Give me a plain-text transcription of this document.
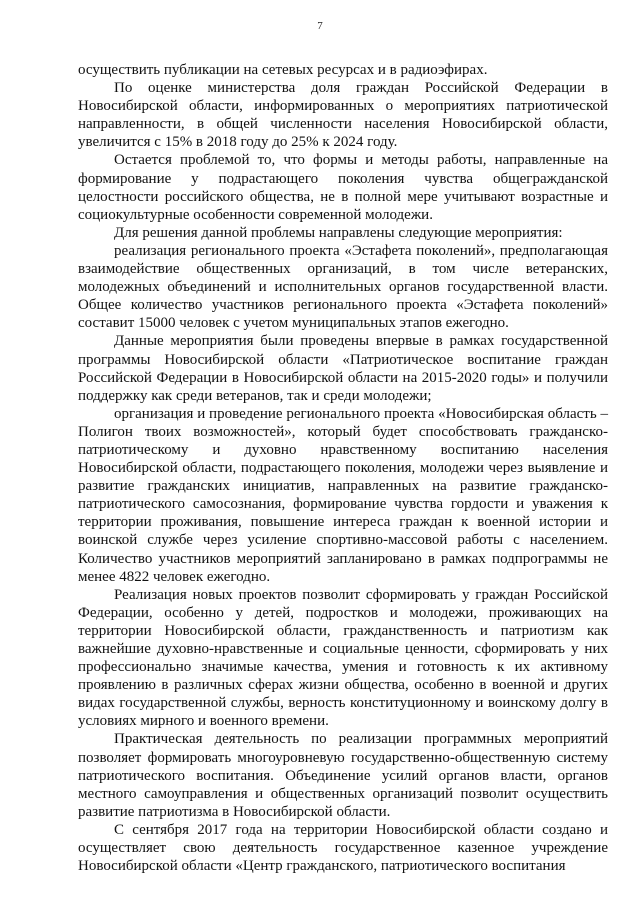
7

осуществить публикации на сетевых ресурсах и в радиоэфирах.

По оценке министерства доля граждан Российской Федерации в Новосибирской области, информированных о мероприятиях патриотической направленности, в общей численности населения Новосибирской области, увеличится с 15% в 2018 году до 25% к 2024 году.

Остается проблемой то, что формы и методы работы, направленные на формирование у подрастающего поколения чувства общегражданской целостности российского общества, не в полной мере учитывают возрастные и социокультурные особенности современной молодежи.

Для решения данной проблемы направлены следующие мероприятия:

реализация регионального проекта «Эстафета поколений», предполагающая взаимодействие общественных организаций, в том числе ветеранских, молодежных объединений и исполнительных органов государственной власти. Общее количество участников регионального проекта «Эстафета поколений» составит 15000 человек с учетом муниципальных этапов ежегодно.

Данные мероприятия были проведены впервые в рамках государственной программы Новосибирской области «Патриотическое воспитание граждан Российской Федерации в Новосибирской области на 2015-2020 годы» и получили поддержку как среди ветеранов, так и среди молодежи;

организация и проведение регионального проекта «Новосибирская область – Полигон твоих возможностей», который будет способствовать гражданско-патриотическому и духовно нравственному воспитанию населения Новосибирской области, подрастающего поколения, молодежи через выявление и развитие гражданских инициатив, направленных на развитие гражданско-патриотического самосознания, формирование чувства гордости и уважения к территории проживания, повышение интереса граждан к военной истории и воинской службе через усиление спортивно-массовой работы с населением. Количество участников мероприятий запланировано в рамках подпрограммы не менее 4822 человек ежегодно.

Реализация новых проектов позволит сформировать у граждан Российской Федерации, особенно у детей, подростков и молодежи, проживающих на территории Новосибирской области, гражданственность и патриотизм как важнейшие духовно-нравственные и социальные ценности, сформировать у них профессионально значимые качества, умения и готовность к их активному проявлению в различных сферах жизни общества, особенно в военной и других видах государственной службы, верность конституционному и воинскому долгу в условиях мирного и военного времени.

Практическая деятельность по реализации программных мероприятий позволяет формировать многоуровневую государственно-общественную систему патриотического воспитания. Объединение усилий органов власти, органов местного самоуправления и общественных организаций позволит осуществить развитие патриотизма в Новосибирской области.

С сентября 2017 года на территории Новосибирской области создано и осуществляет свою деятельность государственное казенное учреждение Новосибирской области «Центр гражданского, патриотического воспитания
